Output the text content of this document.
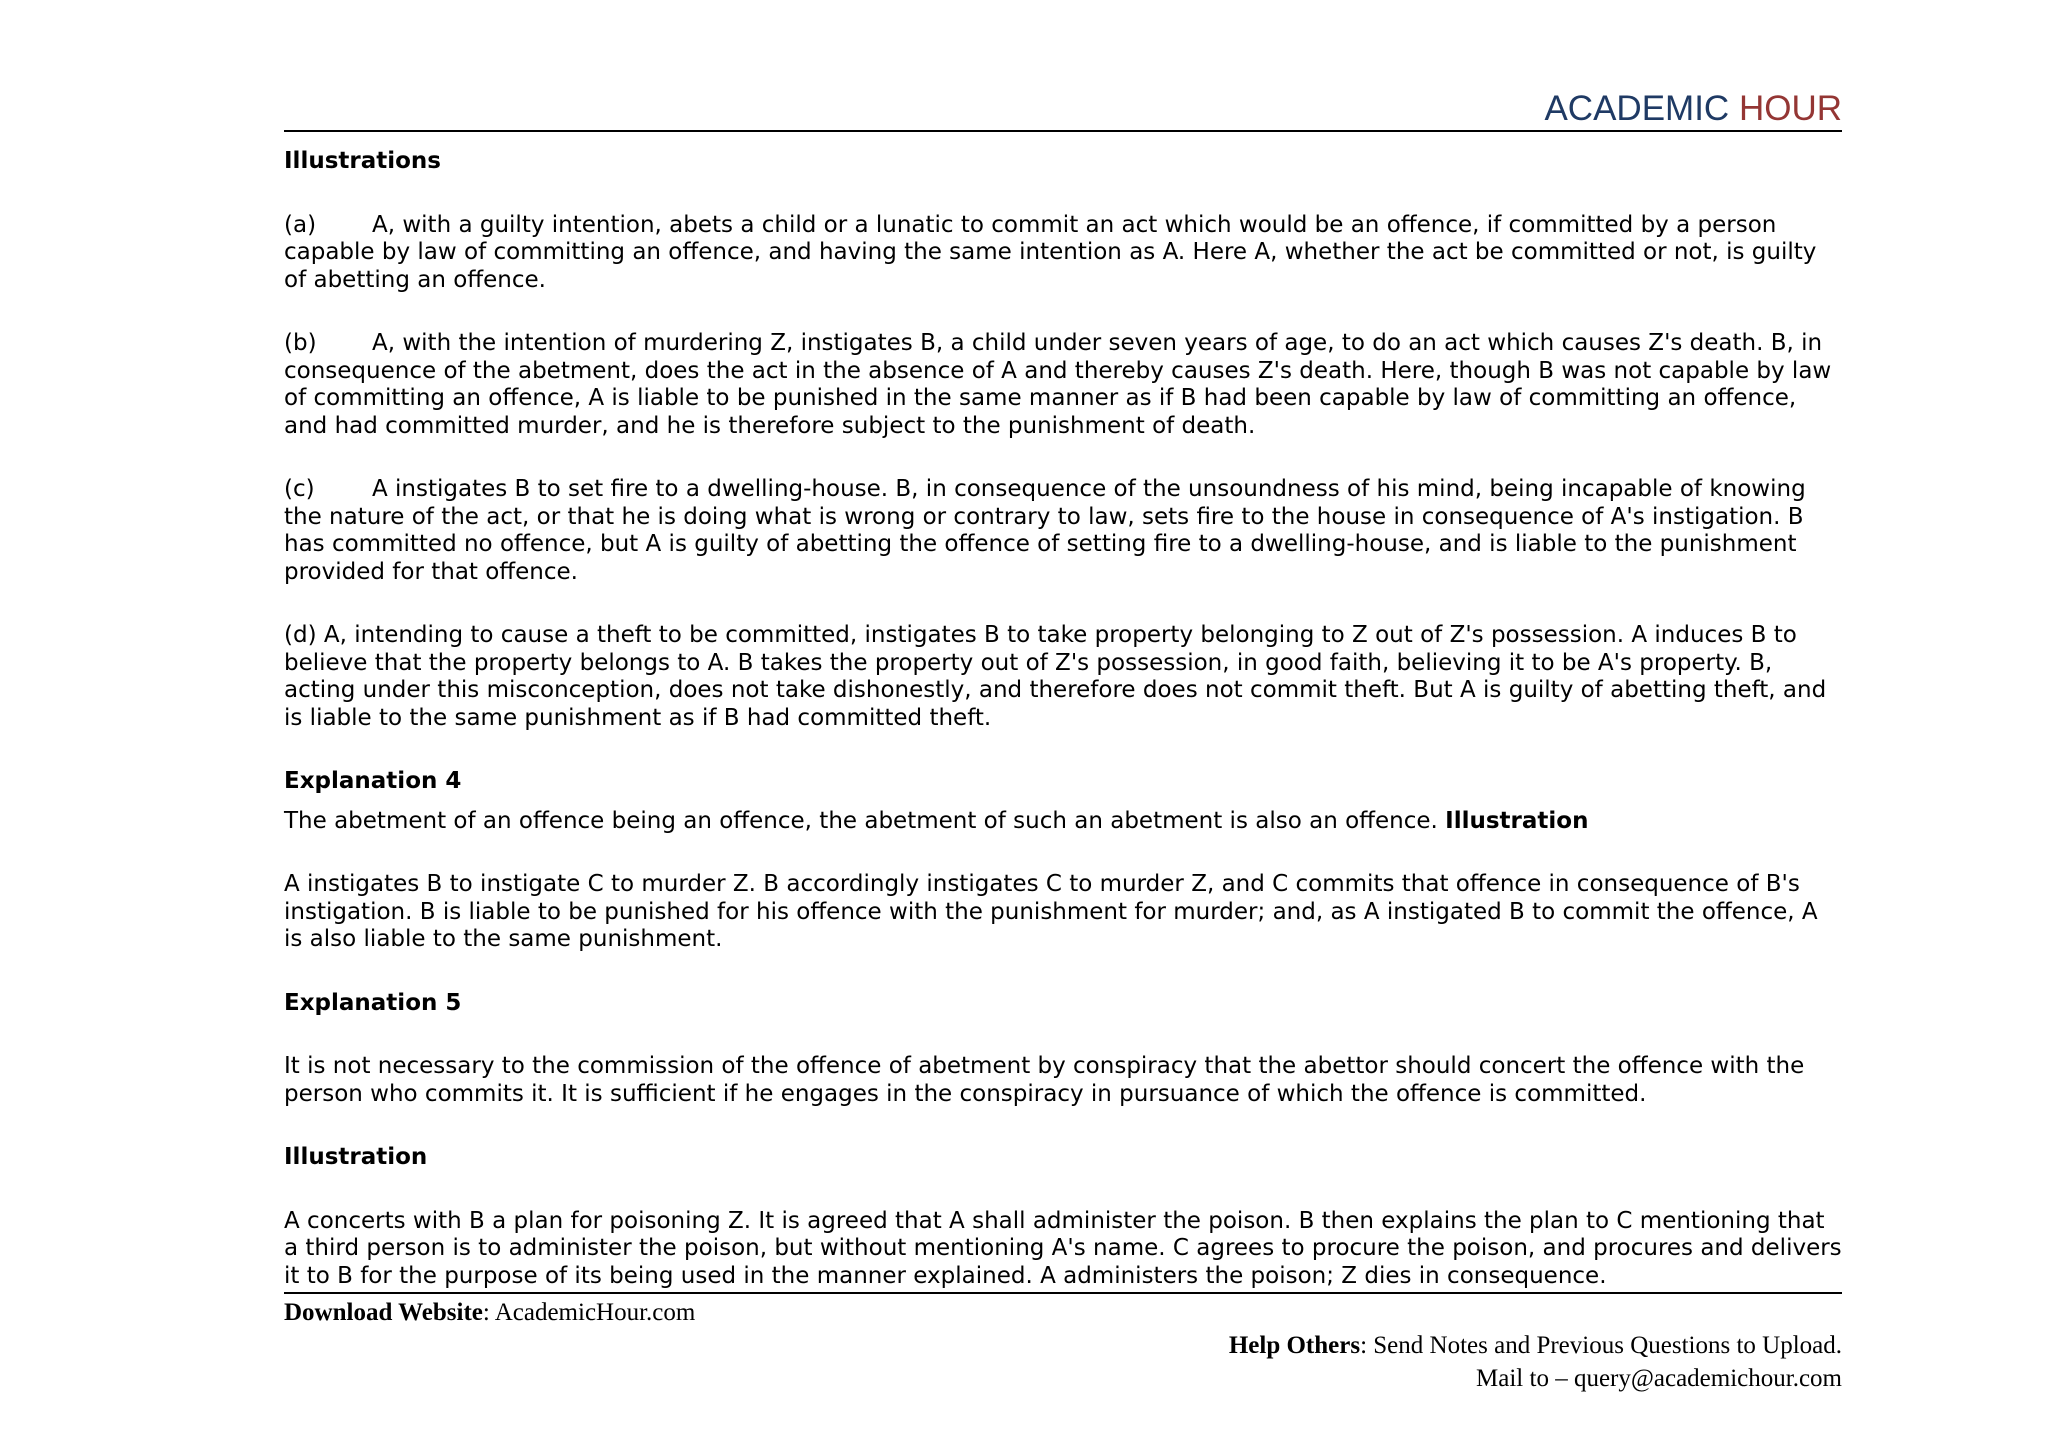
ACADEMIC HOUR

Illustrations

(a) A, with a guilty intention, abets a child or a lunatic to commit an act which would be an offence, if committed by a person capable by law of committing an offence, and having the same intention as A. Here A, whether the act be committed or not, is guilty of abetting an offence.

(b) A, with the intention of murdering Z, instigates B, a child under seven years of age, to do an act which causes Z's death. B, in consequence of the abetment, does the act in the absence of A and thereby causes Z's death. Here, though B was not capable by law of committing an offence, A is liable to be punished in the same manner as if B had been capable by law of committing an offence, and had committed murder, and he is therefore subject to the punishment of death.

(c) A instigates B to set fire to a dwelling-house. B, in consequence of the unsoundness of his mind, being incapable of knowing the nature of the act, or that he is doing what is wrong or contrary to law, sets fire to the house in consequence of A's instigation. B has committed no offence, but A is guilty of abetting the offence of setting fire to a dwelling-house, and is liable to the punishment provided for that offence.

(d) A, intending to cause a theft to be committed, instigates B to take property belonging to Z out of Z's possession. A induces B to believe that the property belongs to A. B takes the property out of Z's possession, in good faith, believing it to be A's property. B, acting under this misconception, does not take dishonestly, and therefore does not commit theft. But A is guilty of abetting theft, and is liable to the same punishment as if B had committed theft.

Explanation 4

The abetment of an offence being an offence, the abetment of such an abetment is also an offence. Illustration

A instigates B to instigate C to murder Z. B accordingly instigates C to murder Z, and C commits that offence in consequence of B's instigation. B is liable to be punished for his offence with the punishment for murder; and, as A instigated B to commit the offence, A is also liable to the same punishment.

Explanation 5

It is not necessary to the commission of the offence of abetment by conspiracy that the abettor should concert the offence with the person who commits it. It is sufficient if he engages in the conspiracy in pursuance of which the offence is committed.

Illustration

A concerts with B a plan for poisoning Z. It is agreed that A shall administer the poison. B then explains the plan to C mentioning that a third person is to administer the poison, but without mentioning A's name. C agrees to procure the poison, and procures and delivers it to B for the purpose of its being used in the manner explained. A administers the poison; Z dies in consequence.

Download Website: AcademicHour.com
Help Others: Send Notes and Previous Questions to Upload.
Mail to – query@academichour.com
